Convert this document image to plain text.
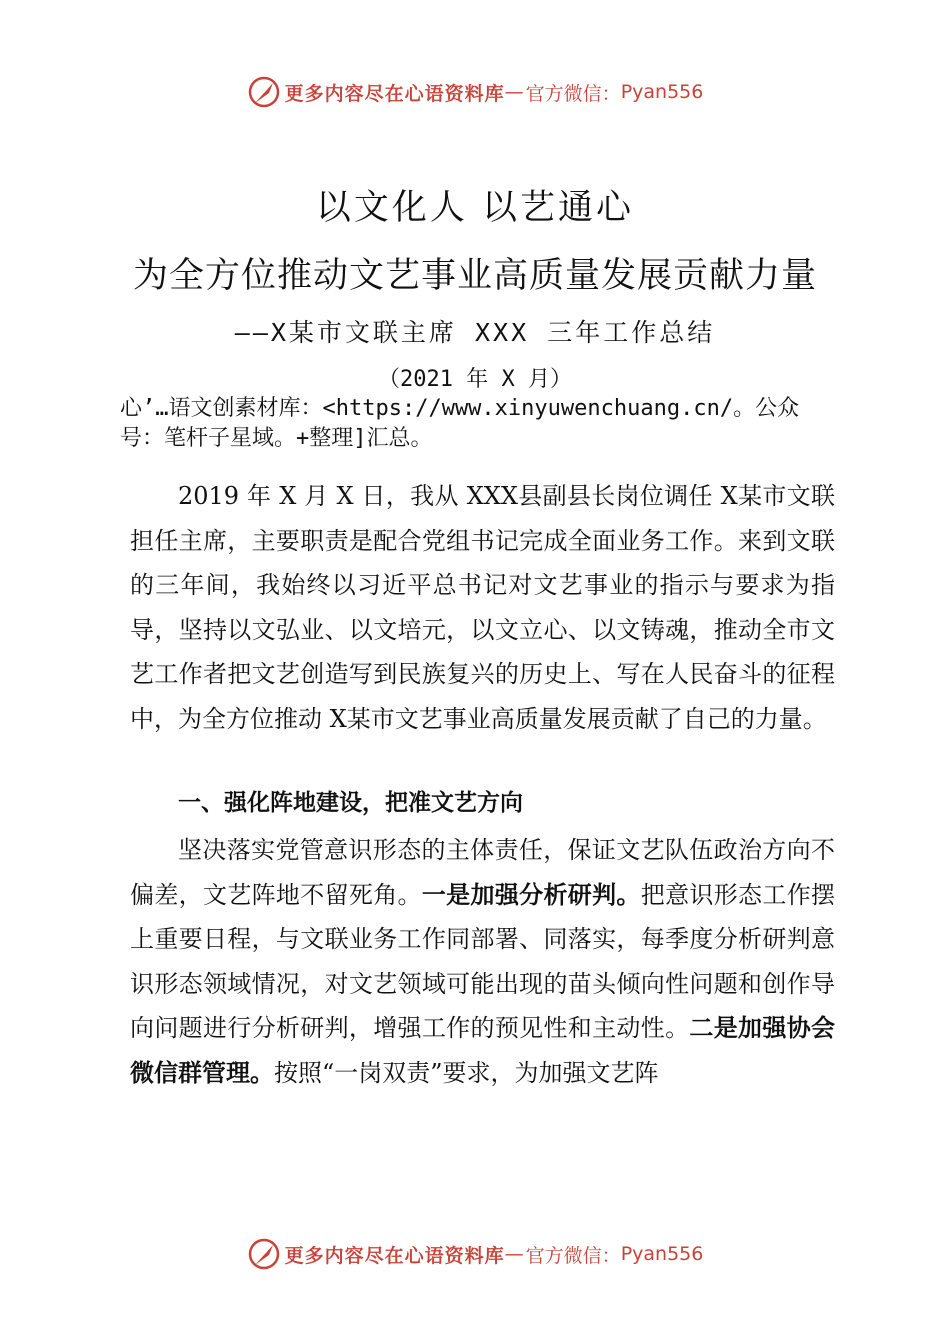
更多内容尽在心语资料库 — 官方微信： Pyan556
以文化人 以艺通心
为全方位推动文艺事业高质量发展贡献力量
——X某市文联主席 XXX 三年工作总结
（2021 年 X 月）
心’…语文创素材库：<https://www.xinyuwenchuang.cn/。公众号：笔杆子星域。+整理]汇总。
2019 年 X 月 X 日，我从 XXX县副县长岗位调任 X某市文联担任主席，主要职责是配合党组书记完成全面业务工作。来到文联的三年间，我始终以习近平总书记对文艺事业的指示与要求为指导，坚持以文弘业、以文培元，以文立心、以文铸魂，推动全市文艺工作者把文艺创造写到民族复兴的历史上、写在人民奋斗的征程中，为全方位推动 X某市文艺事业高质量发展贡献了自己的力量。
一、强化阵地建设，把准文艺方向
坚决落实党管意识形态的主体责任，保证文艺队伍政治方向不偏差，文艺阵地不留死角。一是加强分析研判。把意识形态工作摆上重要日程，与文联业务工作同部署、同落实，每季度分析研判意识形态领域情况，对文艺领域可能出现的苗头倾向性问题和创作导向问题进行分析研判，增强工作的预见性和主动性。二是加强协会微信群管理。按照“一岗双责”要求，为加强文艺阵
更多内容尽在心语资料库 — 官方微信： Pyan556
